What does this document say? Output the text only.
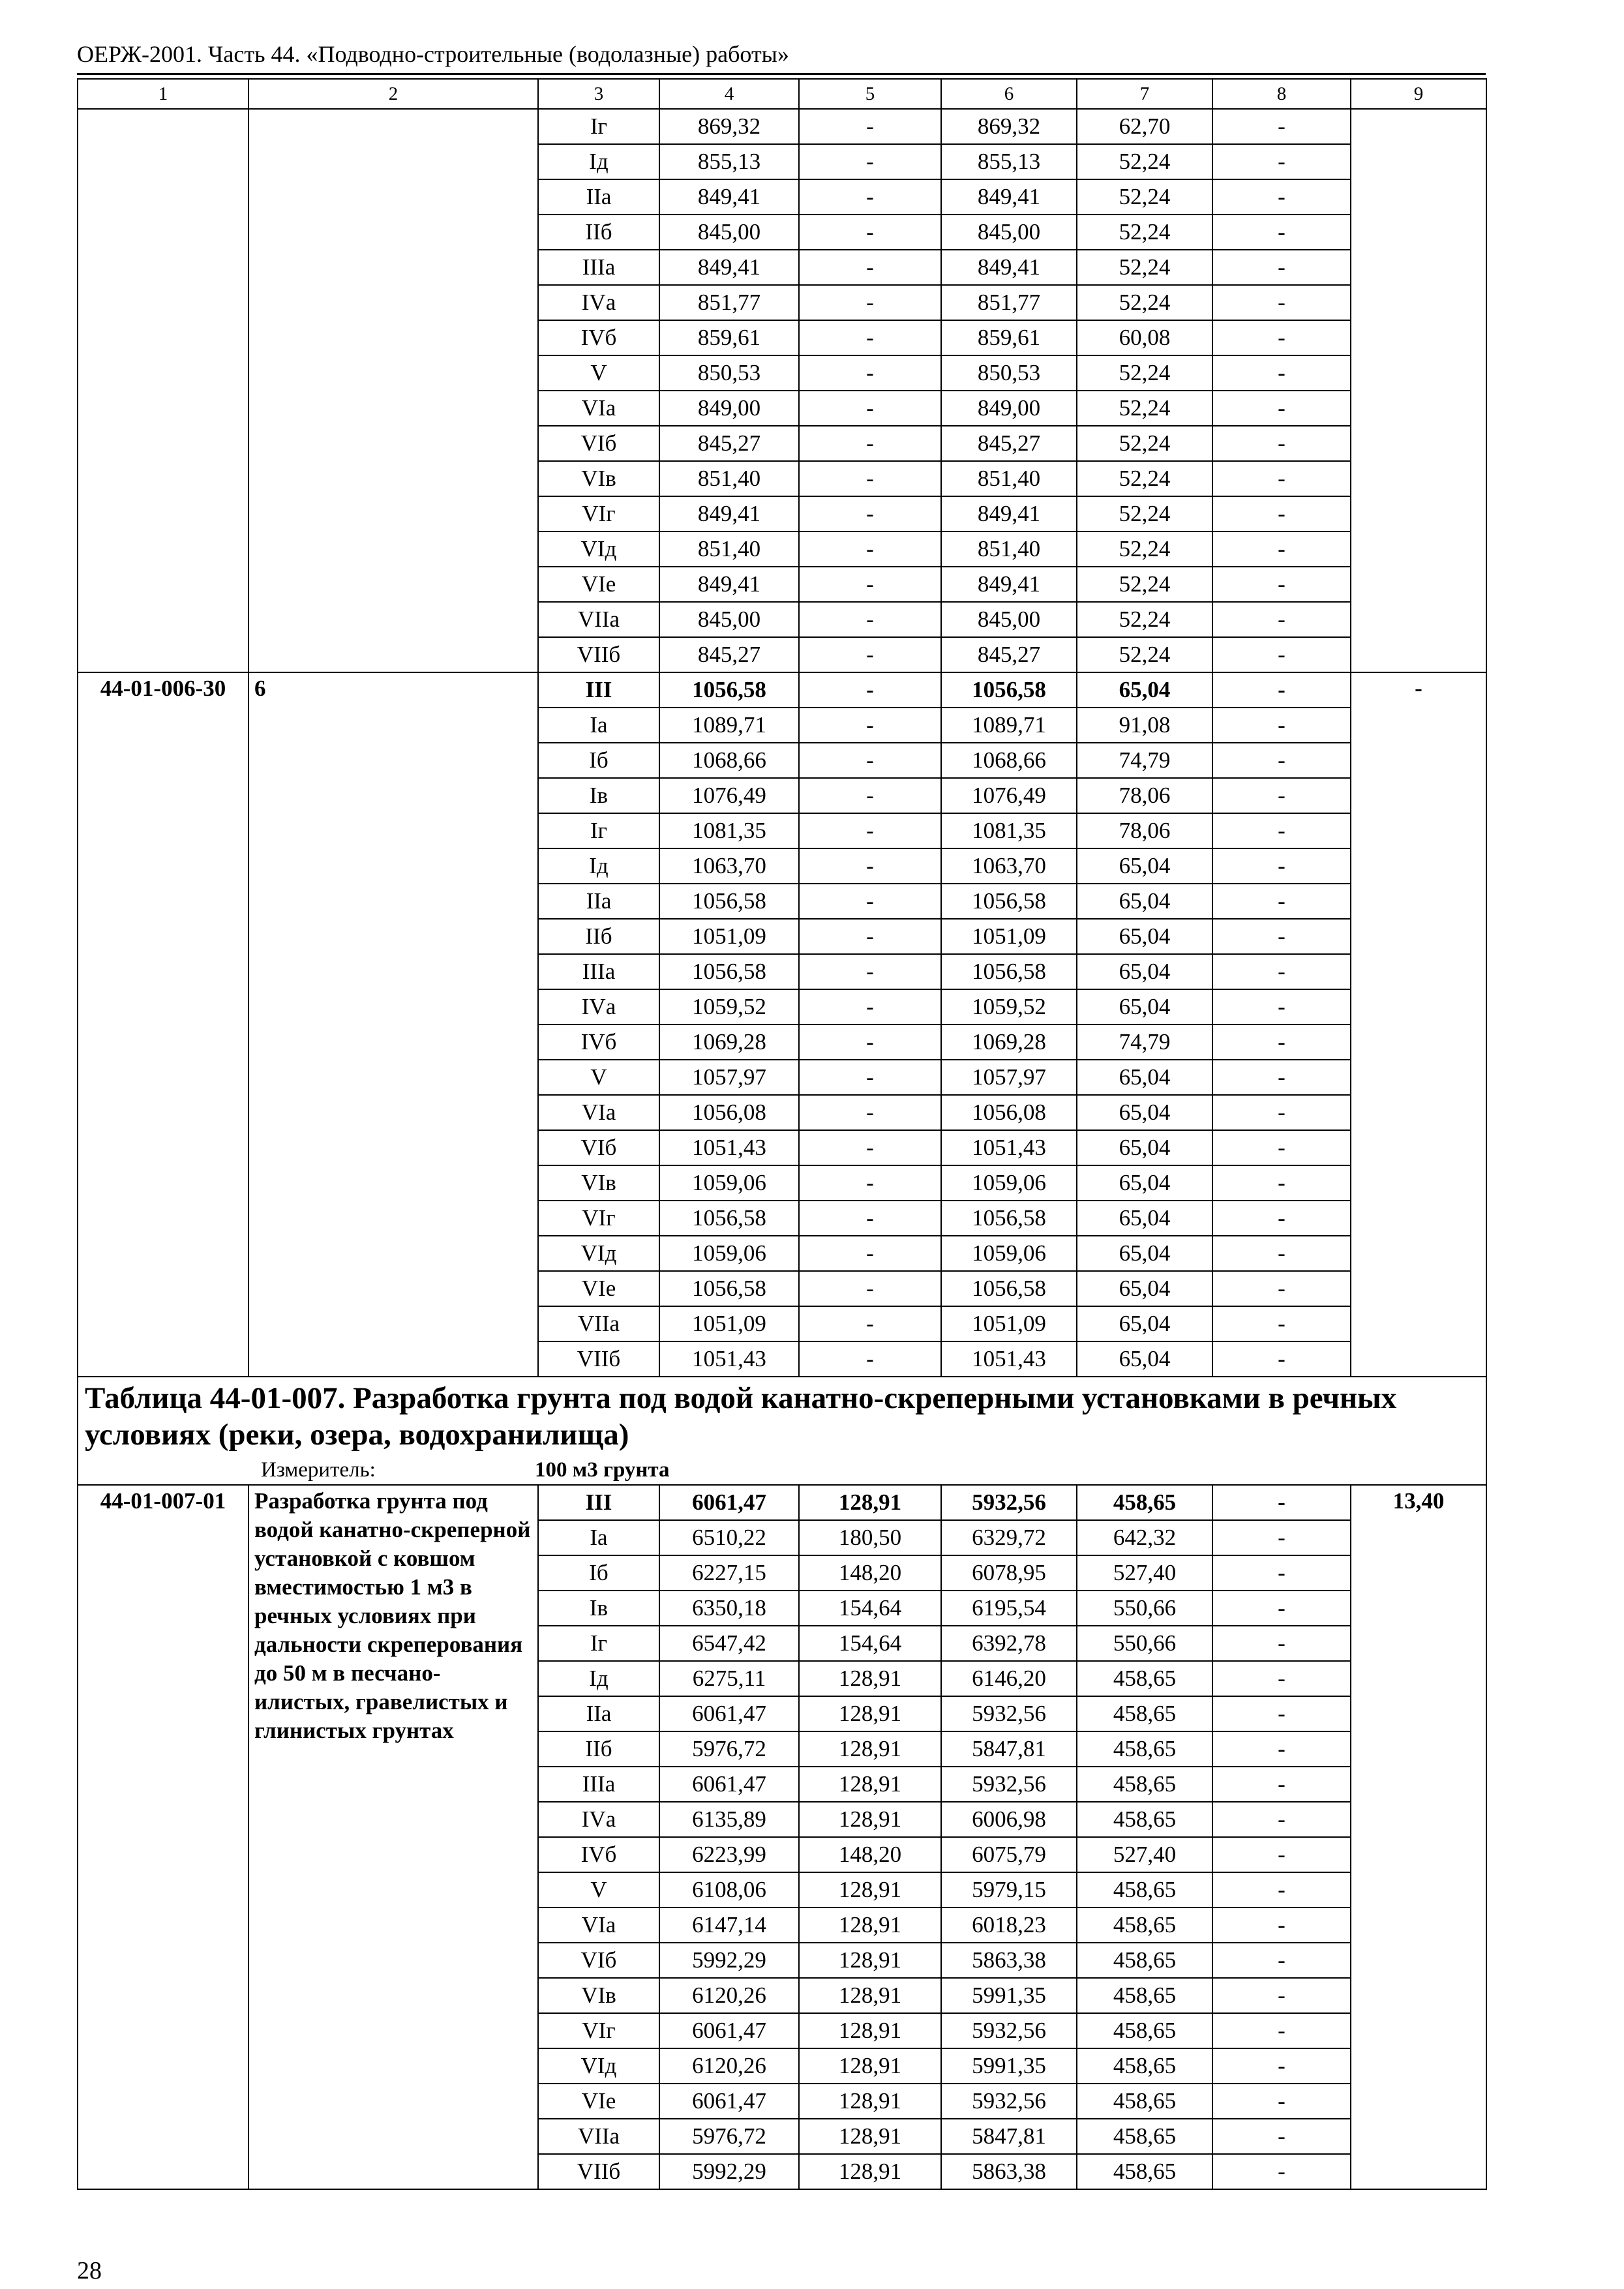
ОЕРЖ-2001. Часть 44. «Подводно-строительные (водолазные) работы»
1	2	3	4	5	6	7	8	9
		Iг	869,32	-	869,32	62,70	-	
		Iд	855,13	-	855,13	52,24	-	
		IIа	849,41	-	849,41	52,24	-	
		IIб	845,00	-	845,00	52,24	-	
		IIIа	849,41	-	849,41	52,24	-	
		IVа	851,77	-	851,77	52,24	-	
		IVб	859,61	-	859,61	60,08	-	
		V	850,53	-	850,53	52,24	-	
		VIа	849,00	-	849,00	52,24	-	
		VIб	845,27	-	845,27	52,24	-	
		VIв	851,40	-	851,40	52,24	-	
		VIг	849,41	-	849,41	52,24	-	
		VIд	851,40	-	851,40	52,24	-	
		VIе	849,41	-	849,41	52,24	-	
		VIIа	845,00	-	845,00	52,24	-	
		VIIб	845,27	-	845,27	52,24	-	
44-01-006-30	6	III	1056,58	-	1056,58	65,04	-	-
		Iа	1089,71	-	1089,71	91,08	-	
		Iб	1068,66	-	1068,66	74,79	-	
		Iв	1076,49	-	1076,49	78,06	-	
		Iг	1081,35	-	1081,35	78,06	-	
		Iд	1063,70	-	1063,70	65,04	-	
		IIа	1056,58	-	1056,58	65,04	-	
		IIб	1051,09	-	1051,09	65,04	-	
		IIIа	1056,58	-	1056,58	65,04	-	
		IVа	1059,52	-	1059,52	65,04	-	
		IVб	1069,28	-	1069,28	74,79	-	
		V	1057,97	-	1057,97	65,04	-	
		VIа	1056,08	-	1056,08	65,04	-	
		VIб	1051,43	-	1051,43	65,04	-	
		VIв	1059,06	-	1059,06	65,04	-	
		VIг	1056,58	-	1056,58	65,04	-	
		VIд	1059,06	-	1059,06	65,04	-	
		VIе	1056,58	-	1056,58	65,04	-	
		VIIа	1051,09	-	1051,09	65,04	-	
		VIIб	1051,43	-	1051,43	65,04	-	

Таблица 44-01-007. Разработка грунта под водой канатно-скреперными установками в речных условиях (реки, озера, водохранилища)
Измеритель: 100 м3 грунта								

44-01-007-01	Разработка грунта под водой канатно-скреперной установкой с ковшом вместимостью 1 м3 в речных условиях при дальности скреперования до 50 м в песчано-илистых, гравелистых и глинистых грунтах	III	6061,47	128,91	5932,56	458,65	-	13,40
		Iа	6510,22	180,50	6329,72	642,32	-	
		Iб	6227,15	148,20	6078,95	527,40	-	
		Iв	6350,18	154,64	6195,54	550,66	-	
		Iг	6547,42	154,64	6392,78	550,66	-	
		Iд	6275,11	128,91	6146,20	458,65	-	
		IIа	6061,47	128,91	5932,56	458,65	-	
		IIб	5976,72	128,91	5847,81	458,65	-	
		IIIа	6061,47	128,91	5932,56	458,65	-	
		IVа	6135,89	128,91	6006,98	458,65	-	
		IVб	6223,99	148,20	6075,79	527,40	-	
		V	6108,06	128,91	5979,15	458,65	-	
		VIа	6147,14	128,91	6018,23	458,65	-	
		VIб	5992,29	128,91	5863,38	458,65	-	
		VIв	6120,26	128,91	5991,35	458,65	-	
		VIг	6061,47	128,91	5932,56	458,65	-	
		VIд	6120,26	128,91	5991,35	458,65	-	
		VIе	6061,47	128,91	5932,56	458,65	-	
		VIIа	5976,72	128,91	5847,81	458,65	-	
		VIIб	5992,29	128,91	5863,38	458,65	-	
28
